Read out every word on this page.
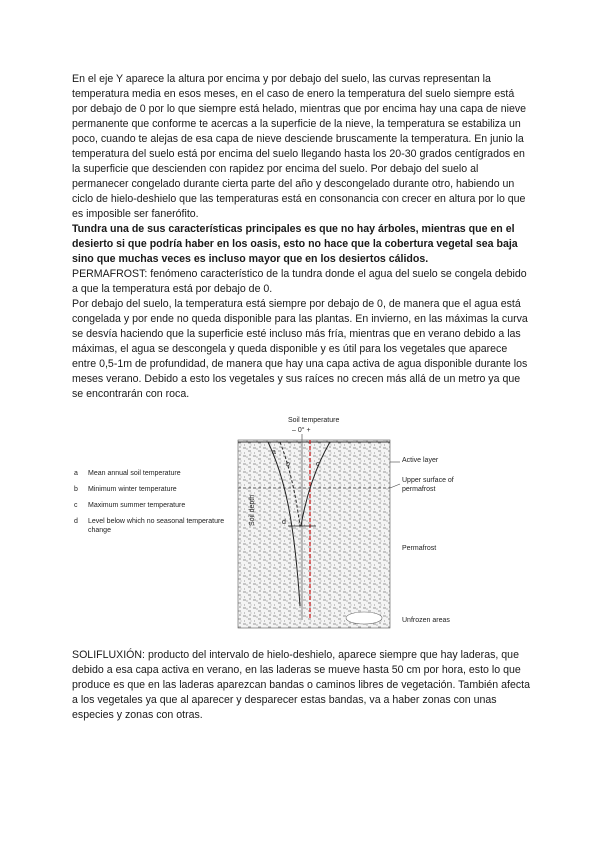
En el eje Y aparece la altura por encima y por debajo del suelo, las curvas representan la temperatura media en esos meses, en el caso de enero la temperatura del suelo siempre está por debajo de 0 por lo que siempre está helado, mientras que por encima hay una capa de nieve permanente que conforme te acercas a la superficie de la nieve, la temperatura se estabiliza un poco, cuando te alejas de esa capa de nieve desciende bruscamente la temperatura. En junio la temperatura del suelo está por encima del suelo llegando hasta los 20-30 grados centígrados en la superficie que descienden con rapidez por encima del suelo. Por debajo del suelo al permanecer congelado durante cierta parte del año y descongelado durante otro, habiendo un ciclo de hielo-deshielo que las temperaturas está en consonancia con crecer en altura por lo que es imposible ser fanerófito.

Tundra una de sus características principales es que no hay árboles, mientras que en el desierto si que podría haber en los oasis, esto no hace que la cobertura vegetal sea baja sino que muchas veces es incluso mayor que en los desiertos cálidos.

PERMAFROST: fenómeno característico de la tundra donde el agua del suelo se congela debido a que la temperatura está por debajo de 0.

Por debajo del suelo, la temperatura está siempre por debajo de 0, de manera que el agua está congelada y por ende no queda disponible para las plantas. En invierno, en las máximas la curva se desvía haciendo que la superficie esté incluso más fría, mientras que en verano debido a las máximas, el agua se descongela y queda disponible y es útil para los vegetales que aparece entre 0,5-1m de profundidad, de manera que hay una capa activa de agua disponible durante los meses verano. Debido a esto los vegetales y sus raíces no crecen más allá de un metro ya que se encontrarán con roca.

a Mean annual soil temperature
b Minimum winter temperature
c Maximum summer temperature
d Level below which no seasonal temperature change
Soil temperature
– 0° +
Soil depth
a
b	c
d
Active layer
Upper surface of permafrost
Permafrost
Unfrozen areas

SOLIFLUXIÓN: producto del intervalo de hielo-deshielo, aparece siempre que hay laderas, que debido a esa capa activa en verano, en las laderas se mueve hasta 50 cm por hora, esto lo que produce es que en las laderas aparezcan bandas o caminos libres de vegetación. También afecta a los vegetales ya que al aparecer y desparecer estas bandas, va a haber zonas con unas especies y zonas con otras.
